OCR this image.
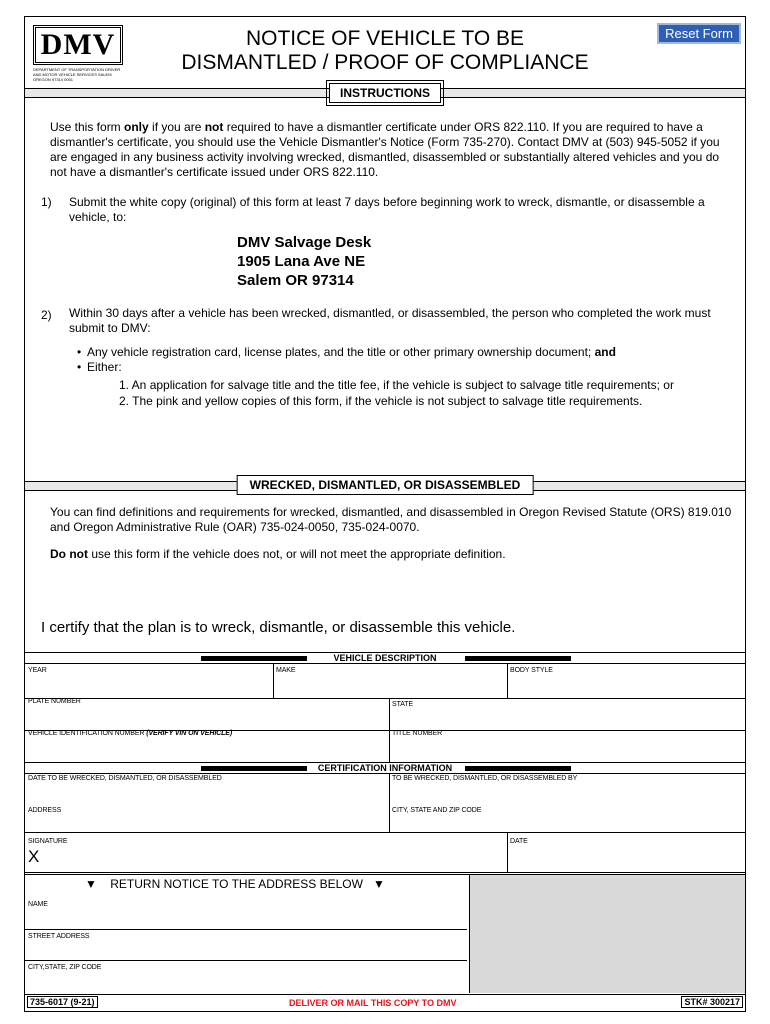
DMV
DEPARTMENT OF TRANSPORTATION DRIVER AND MOTOR VEHICLE SERVICES SALEM OREGON 97314 0001
NOTICE OF VEHICLE TO BE
DISMANTLED / PROOF OF COMPLIANCE
Reset Form
INSTRUCTIONS
Use this form only if you are not required to have a dismantler certificate under ORS 822.110. If you are required to have a dismantler's certificate, you should use the Vehicle Dismantler's Notice (Form 735-270). Contact DMV at (503) 945-5052 if you are engaged in any business activity involving wrecked, dismantled, disassembled or substantially altered vehicles and you do not have a dismantler's certificate issued under ORS 822.110.
1) Submit the white copy (original) of this form at least 7 days before beginning work to wreck, dismantle, or disassemble a vehicle, to:
DMV Salvage Desk
1905 Lana Ave NE
Salem OR 97314
2) Within 30 days after a vehicle has been wrecked, dismantled, or disassembled, the person who completed the work must submit to DMV:
• Any vehicle registration card, license plates, and the title or other primary ownership document; and
• Either:
1. An application for salvage title and the title fee, if the vehicle is subject to salvage title requirements; or
2. The pink and yellow copies of this form, if the vehicle is not subject to salvage title requirements.
WRECKED, DISMANTLED, OR DISASSEMBLED
You can find definitions and requirements for wrecked, dismantled, and disassembled in Oregon Revised Statute (ORS) 819.010 and Oregon Administrative Rule (OAR) 735-024-0050, 735-024-0070.
Do not use this form if the vehicle does not, or will not meet the appropriate definition.
I certify that the plan is to wreck, dismantle, or disassemble this vehicle.
VEHICLE DESCRIPTION
YEAR	MAKE	BODY STYLE
PLATE NUMBER	STATE
VEHICLE IDENTIFICATION NUMBER (VERIFY VIN ON VEHICLE)	TITLE NUMBER
CERTIFICATION INFORMATION
DATE TO BE WRECKED, DISMANTLED, OR DISASSEMBLED	TO BE WRECKED, DISMANTLED, OR DISASSEMBLED BY
ADDRESS	CITY, STATE AND ZIP CODE
SIGNATURE
X
DATE
▼ RETURN NOTICE TO THE ADDRESS BELOW ▼
NAME
STREET ADDRESS
CITY,STATE, ZIP CODE
735-6017 (9-21)	DELIVER OR MAIL THIS COPY TO DMV	STK# 300217
